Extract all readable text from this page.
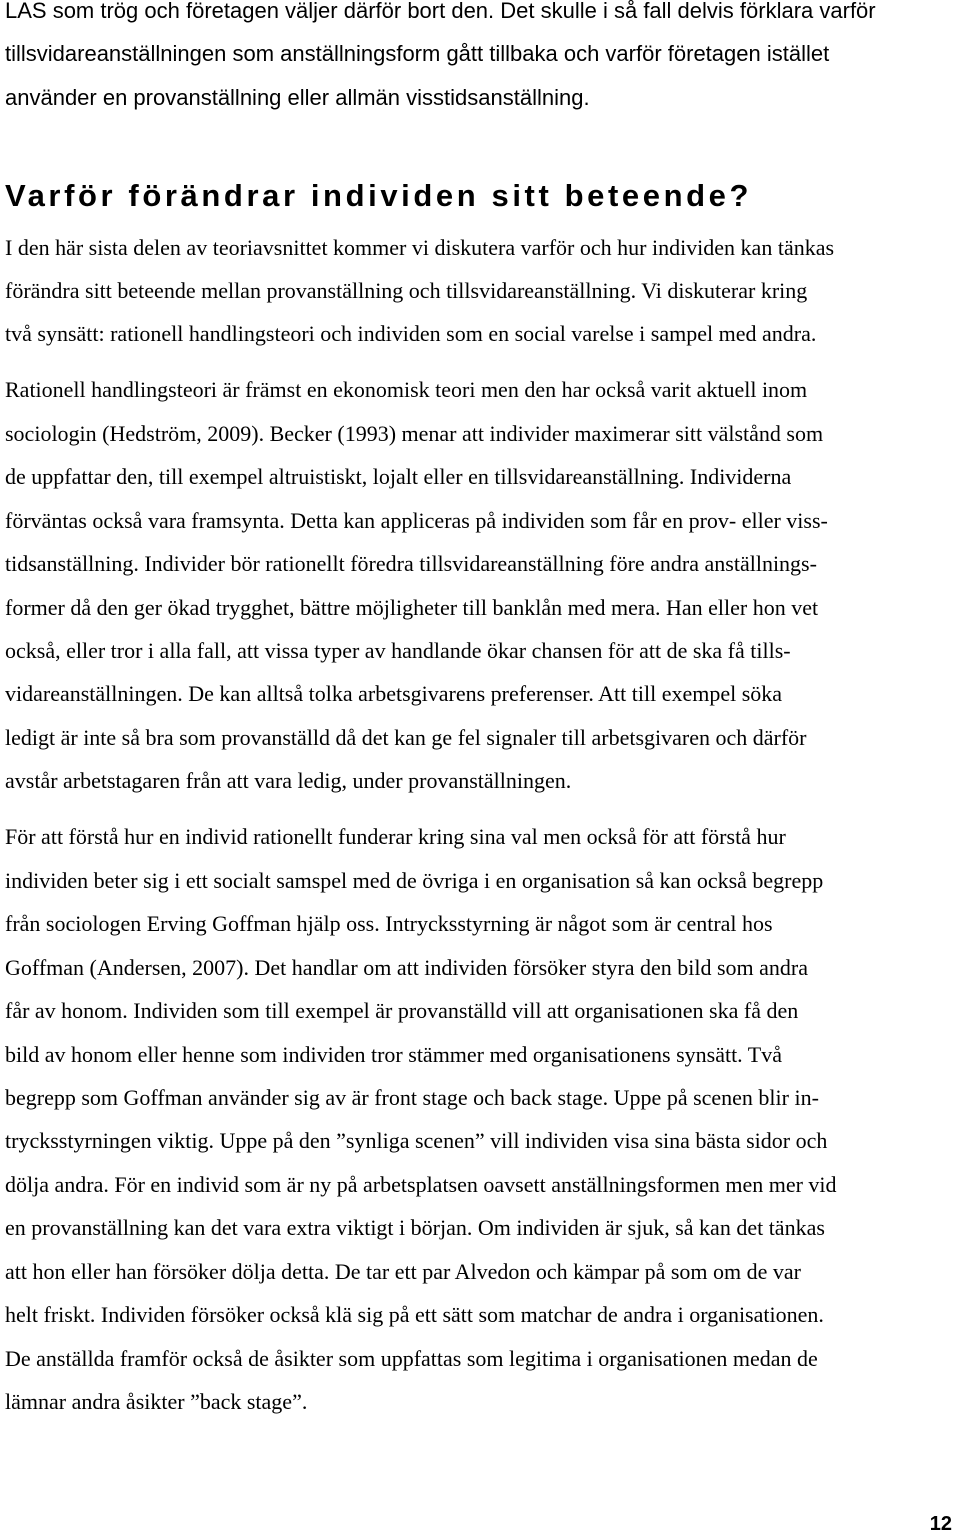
LAS som trög och företagen väljer därför bort den. Det skulle i så fall delvis förklara varför
tillsvidareanställningen som anställningsform gått tillbaka och varför företagen istället
använder en provanställning eller allmän visstidsanställning.
Varför förändrar individen sitt beteende?
I den här sista delen av teoriavsnittet kommer vi diskutera varför och hur individen kan tänkas
förändra sitt beteende mellan provanställning och tillsvidareanställning. Vi diskuterar kring
två synsätt: rationell handlingsteori och individen som en social varelse i sampel med andra.
Rationell handlingsteori är främst en ekonomisk teori men den har också varit aktuell inom
sociologin (Hedström, 2009). Becker (1993) menar att individer maximerar sitt välstånd som
de uppfattar den, till exempel altruistiskt, lojalt eller en tillsvidareanställning. Individerna
förväntas också vara framsynta. Detta kan appliceras på individen som får en prov- eller viss-
tidsanställning. Individer bör rationellt föredra tillsvidareanställning före andra anställnings-
former då den ger ökad trygghet, bättre möjligheter till banklån med mera. Han eller hon vet
också, eller tror i alla fall, att vissa typer av handlande ökar chansen för att de ska få tills-
vidareanställningen. De kan alltså tolka arbetsgivarens preferenser. Att till exempel söka
ledigt är inte så bra som provanställd då det kan ge fel signaler till arbetsgivaren och därför
avstår arbetstagaren från att vara ledig, under provanställningen.
För att förstå hur en individ rationellt funderar kring sina val men också för att förstå hur
individen beter sig i ett socialt samspel med de övriga i en organisation så kan också begrepp
från sociologen Erving Goffman hjälp oss. Intrycksstyrning är något som är central hos
Goffman (Andersen, 2007). Det handlar om att individen försöker styra den bild som andra
får av honom. Individen som till exempel är provanställd vill att organisationen ska få den
bild av honom eller henne som individen tror stämmer med organisationens synsätt. Två
begrepp som Goffman använder sig av är front stage och back stage. Uppe på scenen blir in-
trycksstyrningen viktig. Uppe på den ”synliga scenen” vill individen visa sina bästa sidor och
dölja andra. För en individ som är ny på arbetsplatsen oavsett anställningsformen men mer vid
en provanställning kan det vara extra viktigt i början. Om individen är sjuk, så kan det tänkas
att hon eller han försöker dölja detta. De tar ett par Alvedon och kämpar på som om de var
helt friskt. Individen försöker också klä sig på ett sätt som matchar de andra i organisationen.
De anställda framför också de åsikter som uppfattas som legitima i organisationen medan de
lämnar andra åsikter ”back stage”.
12
